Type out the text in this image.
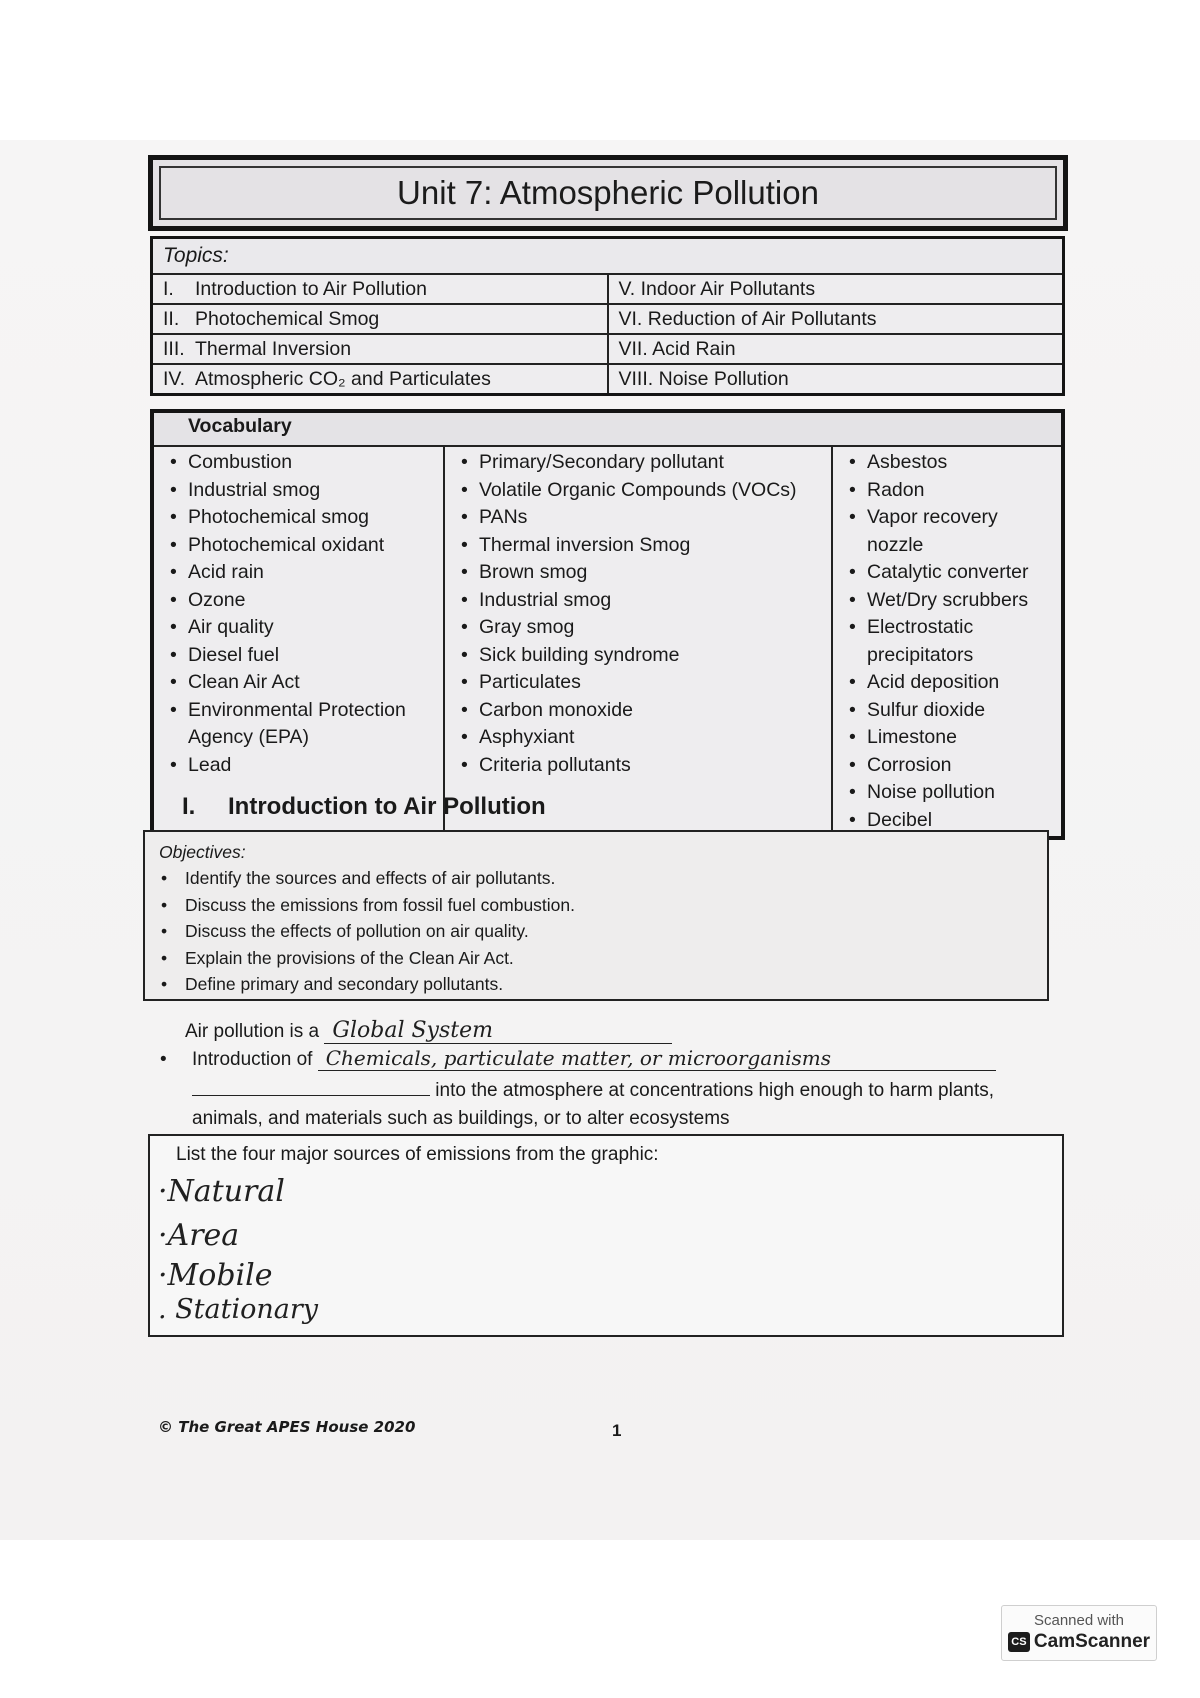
Unit 7: Atmospheric Pollution
Topics:	
I. Introduction to Air Pollution	V. Indoor Air Pollutants
II. Photochemical Smog	VI. Reduction of Air Pollutants
III. Thermal Inversion	VII. Acid Rain
IV. Atmospheric CO₂ and Particulates	VIII. Noise Pollution
Vocabulary

• Combustion
• Industrial smog
• Photochemical smog
• Photochemical oxidant
• Acid rain
• Ozone
• Air quality
• Diesel fuel
• Clean Air Act
• Environmental Protection Agency (EPA)
• Lead

• Primary/Secondary pollutant
• Volatile Organic Compounds (VOCs)
• PANs
• Thermal inversion Smog
• Brown smog
• Industrial smog
• Gray smog
• Sick building syndrome
• Particulates
• Carbon monoxide
• Asphyxiant
• Criteria pollutants

• Asbestos
• Radon
• Vapor recovery nozzle
• Catalytic converter
• Wet/Dry scrubbers
• Electrostatic precipitators
• Acid deposition
• Sulfur dioxide
• Limestone
• Corrosion
• Noise pollution
• Decibel
I. Introduction to Air Pollution
Objectives:
• Identify the sources and effects of air pollutants.
• Discuss the emissions from fossil fuel combustion.
• Discuss the effects of pollution on air quality.
• Explain the provisions of the Clean Air Act.
• Define primary and secondary pollutants.
Air pollution is a Global System
• Introduction of Chemicals, particulate matter, or microorganisms
into the atmosphere at concentrations high enough to harm plants,
animals, and materials such as buildings, or to alter ecosystems
List the four major sources of emissions from the graphic:
·Natural
·Area
·Mobile
. Stationary
© The Great APES House 2020	1
Scanned with
CS CamScanner
